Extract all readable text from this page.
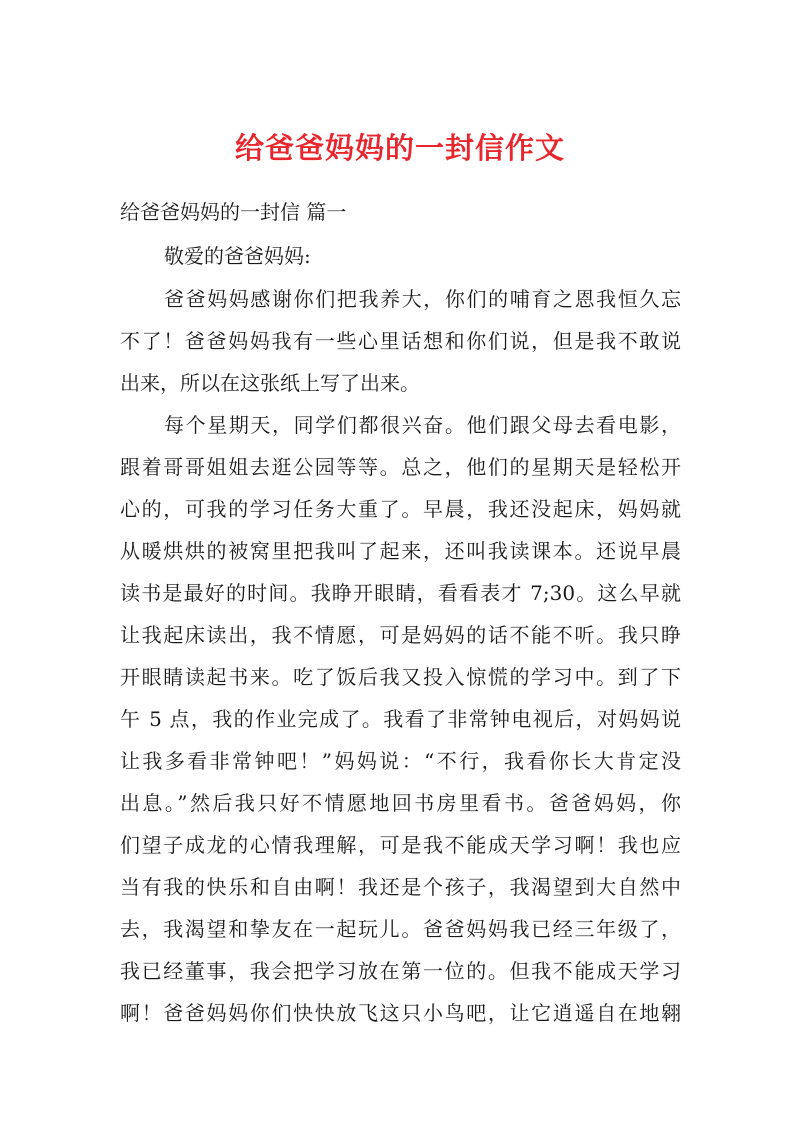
给爸爸妈妈的一封信作文
给爸爸妈妈的一封信 篇一
敬爱的爸爸妈妈:
爸爸妈妈感谢你们把我养大，你们的哺育之恩我恒久忘
不了！爸爸妈妈我有一些心里话想和你们说，但是我不敢说
出来，所以在这张纸上写了出来。
每个星期天，同学们都很兴奋。他们跟父母去看电影，
跟着哥哥姐姐去逛公园等等。总之，他们的星期天是轻松开
心的，可我的学习任务大重了。早晨，我还没起床，妈妈就
从暖烘烘的被窝里把我叫了起来，还叫我读课本。还说早晨
读书是最好的时间。我睁开眼睛，看看表才 7;30。这么早就
让我起床读出，我不情愿，可是妈妈的话不能不听。我只睁
开眼睛读起书来。吃了饭后我又投入惊慌的学习中。到了下
午 5 点，我的作业完成了。我看了非常钟电视后，对妈妈说
让我多看非常钟吧！”妈妈说：“不行，我看你长大肯定没
出息。”然后我只好不情愿地回书房里看书。爸爸妈妈，你
们望子成龙的心情我理解，可是我不能成天学习啊！我也应
当有我的快乐和自由啊！我还是个孩子，我渴望到大自然中
去，我渴望和挚友在一起玩儿。爸爸妈妈我已经三年级了，
我已经董事，我会把学习放在第一位的。但我不能成天学习
啊！爸爸妈妈你们快快放飞这只小鸟吧，让它逍遥自在地翱
